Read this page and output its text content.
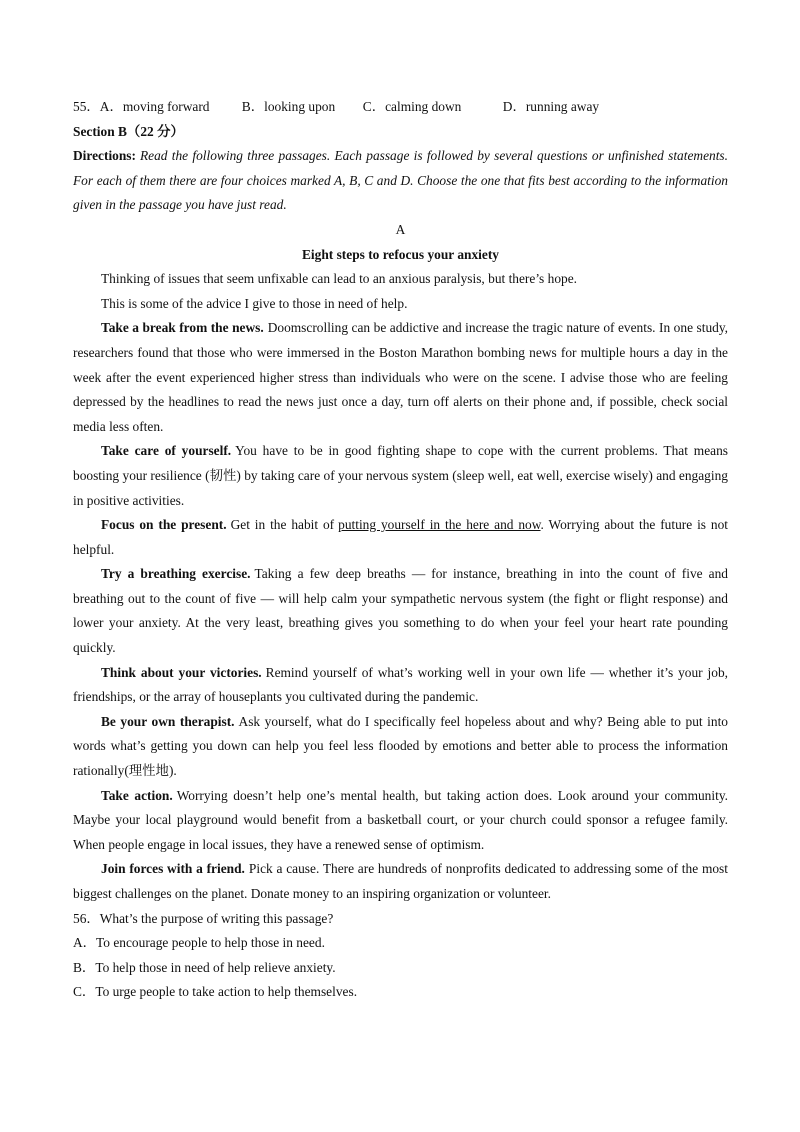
55．A．moving forward B．looking upon C．calming down	D．running away
Section B（22 分）

Directions: Read the following three passages. Each passage is followed by several questions or unfinished statements. For each of them there are four choices marked A, B, C and D. Choose the one that fits best according to the information given in the passage you have just read.

A
Eight steps to refocus your anxiety

Thinking of issues that seem unfixable can lead to an anxious paralysis, but there’s hope.

This is some of the advice I give to those in need of help.

Take a break from the news. Doomscrolling can be addictive and increase the tragic nature of events. In one study, researchers found that those who were immersed in the Boston Marathon bombing news for multiple hours a day in the week after the event experienced higher stress than individuals who were on the scene. I advise those who are feeling depressed by the headlines to read the news just once a day, turn off alerts on their phone and, if possible, check social media less often.

Take care of yourself. You have to be in good fighting shape to cope with the current problems. That means boosting your resilience (韧性) by taking care of your nervous system (sleep well, eat well, exercise wisely) and engaging in positive activities.

Focus on the present. Get in the habit of putting yourself in the here and now. Worrying about the future is not helpful.

Try a breathing exercise. Taking a few deep breaths — for instance, breathing in into the count of five and breathing out to the count of five — will help calm your sympathetic nervous system (the fight or flight response) and lower your anxiety. At the very least, breathing gives you something to do when your feel your heart rate pounding quickly.

Think about your victories. Remind yourself of what’s working well in your own life — whether it’s your job, friendships, or the array of houseplants you cultivated during the pandemic.

Be your own therapist. Ask yourself, what do I specifically feel hopeless about and why? Being able to put into words what’s getting you down can help you feel less flooded by emotions and better able to process the information rationally(理性地).

Take action. Worrying doesn’t help one’s mental health, but taking action does. Look around your community. Maybe your local playground would benefit from a basketball court, or your church could sponsor a refugee family. When people engage in local issues, they have a renewed sense of optimism.

Join forces with a friend. Pick a cause. There are hundreds of nonprofits dedicated to addressing some of the most biggest challenges on the planet. Donate money to an inspiring organization or volunteer.

56．What’s the purpose of writing this passage?
A．To encourage people to help those in need.
B．To help those in need of help relieve anxiety.
C．To urge people to take action to help themselves.
